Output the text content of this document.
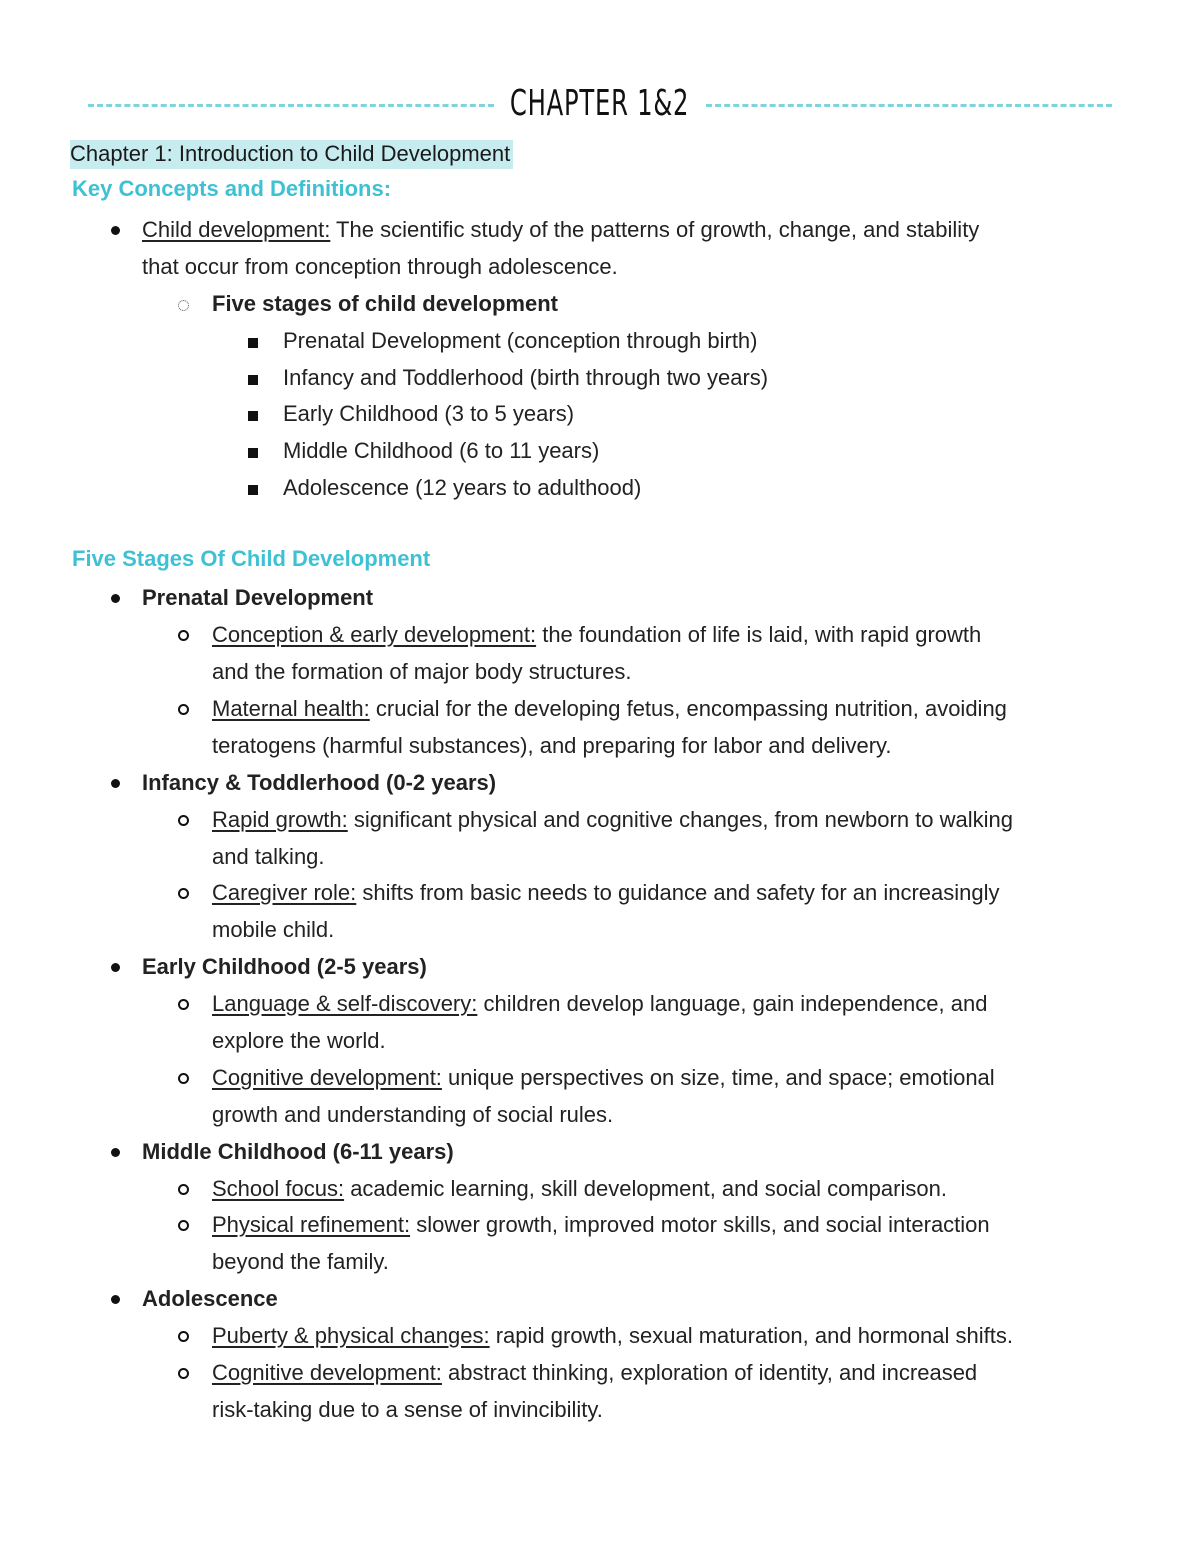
CHAPTER 1&2
Chapter 1: Introduction to Child Development
Key Concepts and Definitions:
Child development: The scientific study of the patterns of growth, change, and stability
that occur from conception through adolescence.
Five stages of child development
Prenatal Development (conception through birth)
Infancy and Toddlerhood (birth through two years)
Early Childhood (3 to 5 years)
Middle Childhood (6 to 11 years)
Adolescence (12 years to adulthood)
Five Stages Of Child Development
Prenatal Development
Conception & early development: the foundation of life is laid, with rapid growth
and the formation of major body structures.
Maternal health: crucial for the developing fetus, encompassing nutrition, avoiding
teratogens (harmful substances), and preparing for labor and delivery.
Infancy & Toddlerhood (0-2 years)
Rapid growth: significant physical and cognitive changes, from newborn to walking
and talking.
Caregiver role: shifts from basic needs to guidance and safety for an increasingly
mobile child.
Early Childhood (2-5 years)
Language & self-discovery: children develop language, gain independence, and
explore the world.
Cognitive development: unique perspectives on size, time, and space; emotional
growth and understanding of social rules.
Middle Childhood (6-11 years)
School focus: academic learning, skill development, and social comparison.
Physical refinement: slower growth, improved motor skills, and social interaction
beyond the family.
Adolescence
Puberty & physical changes: rapid growth, sexual maturation, and hormonal shifts.
Cognitive development: abstract thinking, exploration of identity, and increased
risk-taking due to a sense of invincibility.
